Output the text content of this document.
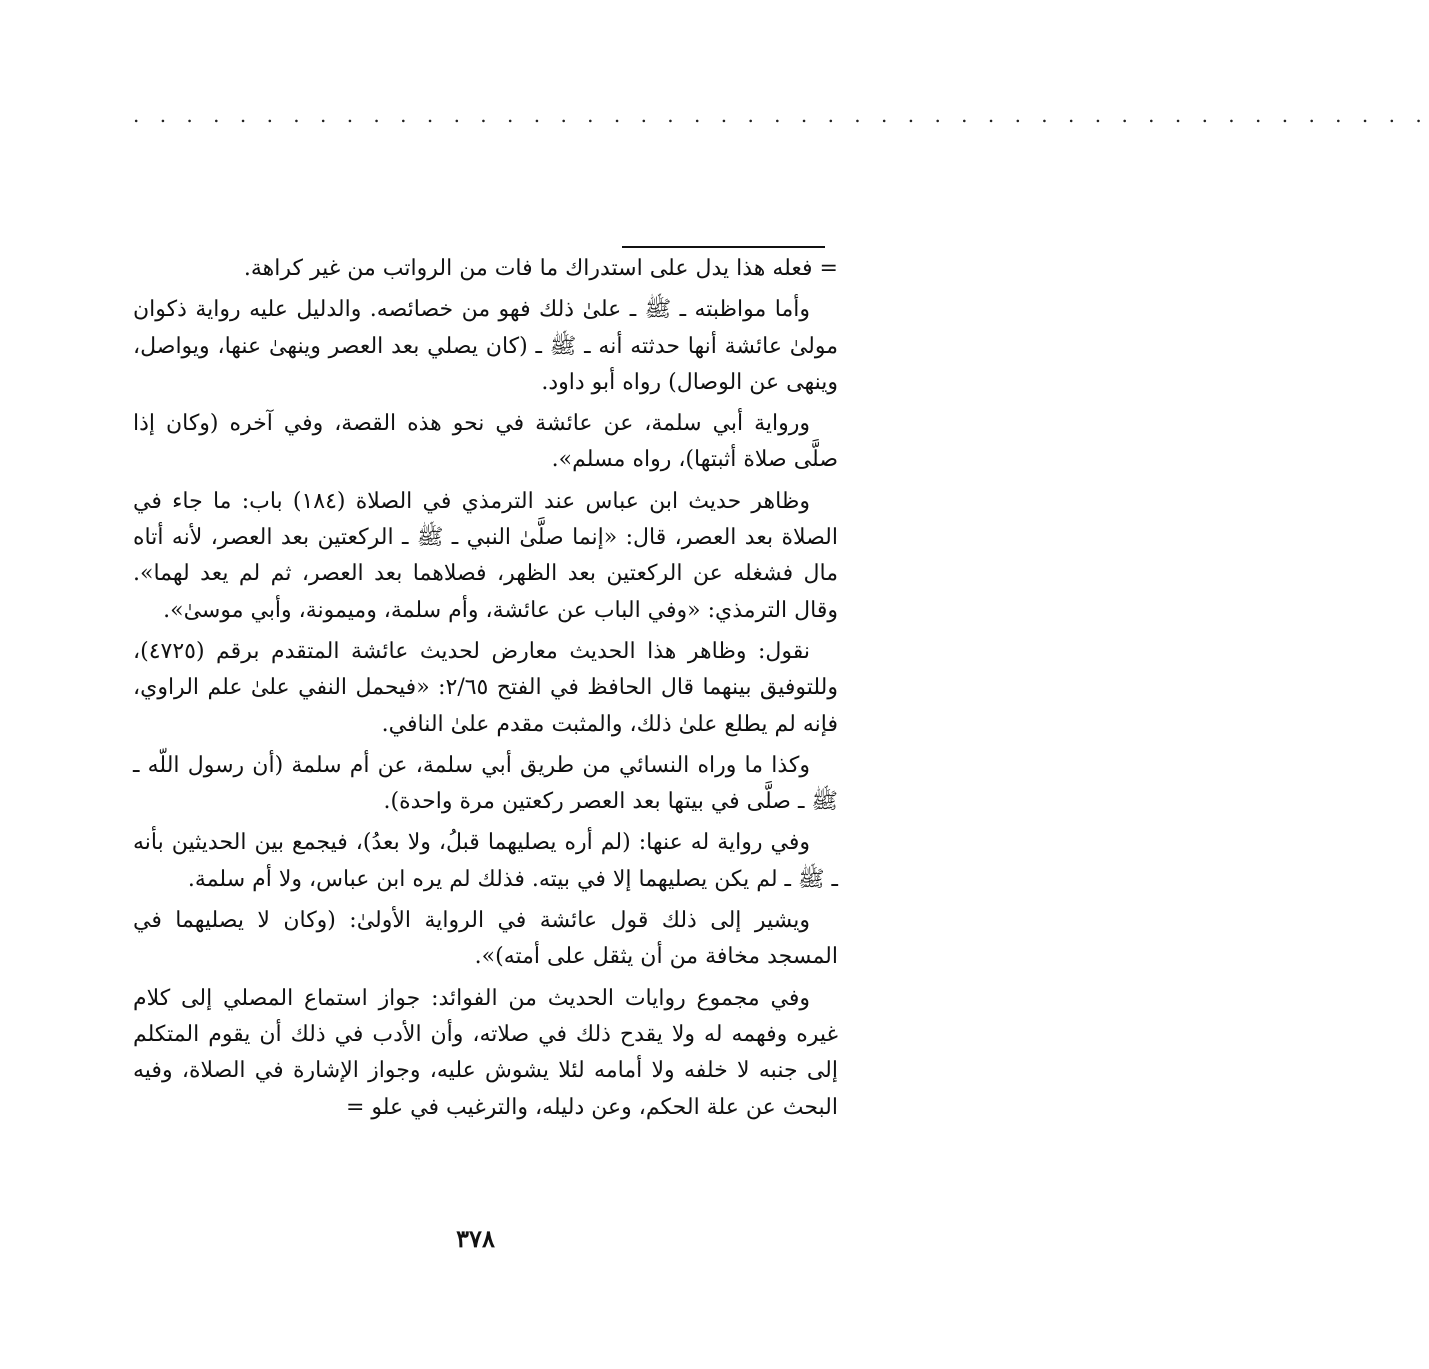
. . . . . . . . . . . . . . . . . . . . . . . . . . . . . . . . . . . . . . . . . . . . . . . . .

= فعله هذا يدل على استدراك ما فات من الرواتب من غير كراهة.

وأما مواظبته ـ ﷺ ـ علىٰ ذلك فهو من خصائصه. والدليل عليه رواية ذكوان مولىٰ عائشة أنها حدثته أنه ـ ﷺ ـ (كان يصلي بعد العصر وينهىٰ عنها، ويواصل، وينهى عن الوصال) رواه أبو داود.

ورواية أبي سلمة، عن عائشة في نحو هذه القصة، وفي آخره (وكان إذا صلَّى صلاة أثبتها)، رواه مسلم».

وظاهر حديث ابن عباس عند الترمذي في الصلاة (١٨٤) باب: ما جاء في الصلاة بعد العصر، قال: «إنما صلَّىٰ النبي ـ ﷺ ـ الركعتين بعد العصر، لأنه أتاه مال فشغله عن الركعتين بعد الظهر، فصلاهما بعد العصر، ثم لم يعد لهما». وقال الترمذي: «وفي الباب عن عائشة، وأم سلمة، وميمونة، وأبي موسىٰ».

نقول: وظاهر هذا الحديث معارض لحديث عائشة المتقدم برقم (٤٧٢٥)، وللتوفيق بينهما قال الحافظ في الفتح ٢/٦٥: «فيحمل النفي علىٰ علم الراوي، فإنه لم يطلع علىٰ ذلك، والمثبت مقدم علىٰ النافي.

وكذا ما وراه النسائي من طريق أبي سلمة، عن أم سلمة (أن رسول اللّه ـ ﷺ ـ صلَّى في بيتها بعد العصر ركعتين مرة واحدة).

وفي رواية له عنها: (لم أره يصليهما قبلُ، ولا بعدُ)، فيجمع بين الحديثين بأنه ـ ﷺ ـ لم يكن يصليهما إلا في بيته. فذلك لم يره ابن عباس، ولا أم سلمة.

ويشير إلى ذلك قول عائشة في الرواية الأولىٰ: (وكان لا يصليهما في المسجد مخافة من أن يثقل على أمته)».

وفي مجموع روايات الحديث من الفوائد: جواز استماع المصلي إلى كلام غيره وفهمه له ولا يقدح ذلك في صلاته، وأن الأدب في ذلك أن يقوم المتكلم إلى جنبه لا خلفه ولا أمامه لئلا يشوش عليه، وجواز الإشارة في الصلاة، وفيه البحث عن علة الحكم، وعن دليله، والترغيب في علو =

٣٧٨
